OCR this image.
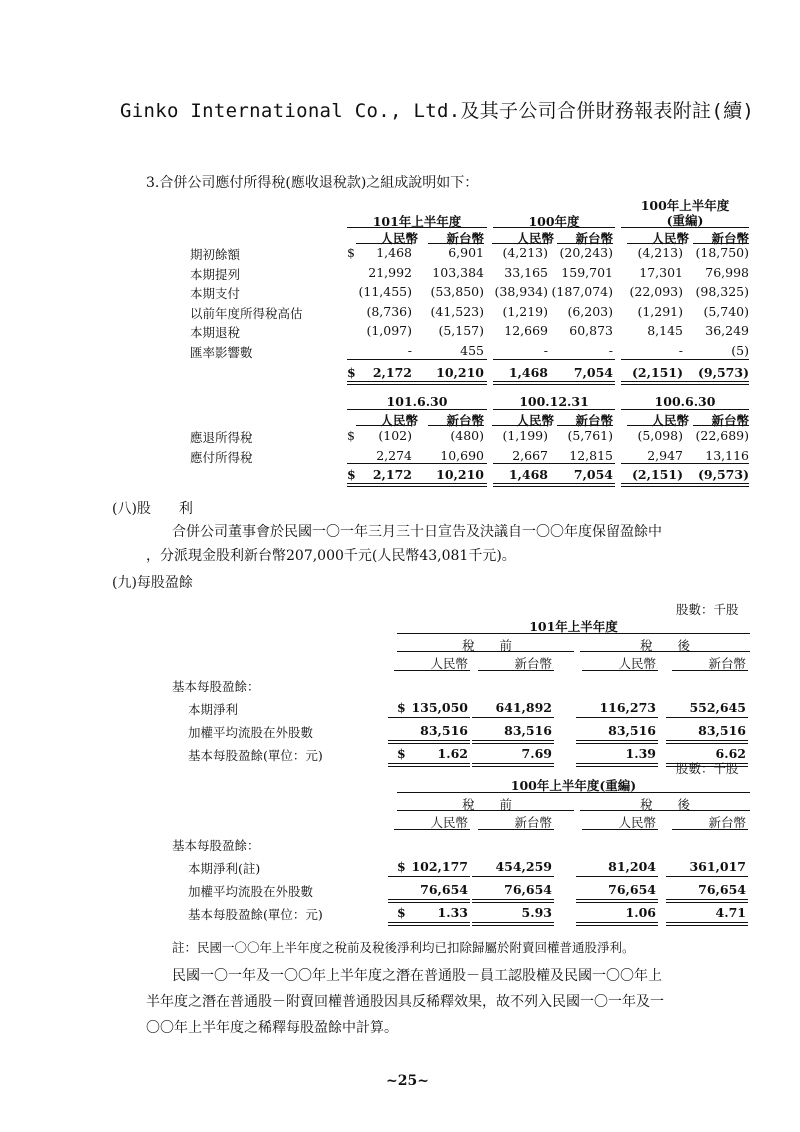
Ginko International Co., Ltd.及其子公司合併財務報表附註(續)
3.合併公司應付所得稅(應收退稅款)之組成說明如下：
101年上半年度	100年度
100年上半年度
(重編)
人民幣	新台幣	人民幣	新台幣	人民幣	新台幣
期初餘額	$	1,468	6,901	(4,213) (20,243)	(4,213)	(18,750)
本期提列	21,992	103,384	33,165	159,701	17,301	76,998
本期支付	(11,455)	(53,850) (38,934) (187,074)	(22,093)	(98,325)
以前年度所得稅高估	(8,736)	(41,523)	(1,219)	(6,203)	(1,291)	(5,740)
本期退稅	(1,097)	(5,157)	12,669	60,873	8,145	36,249
匯率影響數	-	455	-	-	-	(5)
$	2,172	10,210	1,468	7,054	(2,151)	(9,573)
101.6.30	100.12.31	100.6.30
人民幣	新台幣	人民幣	新台幣	人民幣	新台幣
應退所得稅	$	(102)	(480)	(1,199)	(5,761)	(5,098)	(22,689)
應付所得稅	2,274	10,690	2,667	12,815	2,947	13,116
$	2,172	10,210	1,468	7,054	(2,151)	(9,573)
(八)股　　利
合併公司董事會於民國一〇一年三月三十日宣告及決議自一〇〇年度保留盈餘中
，分派現金股利新台幣207,000千元(人民幣43,081千元)。
(九)每股盈餘
股數：千股
101年上半年度
稅　　前	稅　　後
人民幣	新台幣	人民幣	新台幣
基本每股盈餘：
本期淨利	$ 135,050	641,892	116,273	552,645
加權平均流股在外股數	83,516	83,516	83,516	83,516
基本每股盈餘(單位：元)	$	1.62	7.69	1.39	6.62
股數：千股
100年上半年度(重編)
稅　　前	稅　　後
人民幣	新台幣	人民幣	新台幣
基本每股盈餘：
本期淨利(註)	$ 102,177	454,259	81,204	361,017
加權平均流股在外股數	76,654	76,654	76,654	76,654
基本每股盈餘(單位：元)	$	1.33	5.93	1.06	4.71
註：民國一〇〇年上半年度之稅前及稅後淨利均已扣除歸屬於附賣回權普通股淨利。
民國一〇一年及一〇〇年上半年度之潛在普通股－員工認股權及民國一〇〇年上
半年度之潛在普通股－附賣回權普通股因具反稀釋效果，故不列入民國一〇一年及一
〇〇年上半年度之稀釋每股盈餘中計算。
~25~
